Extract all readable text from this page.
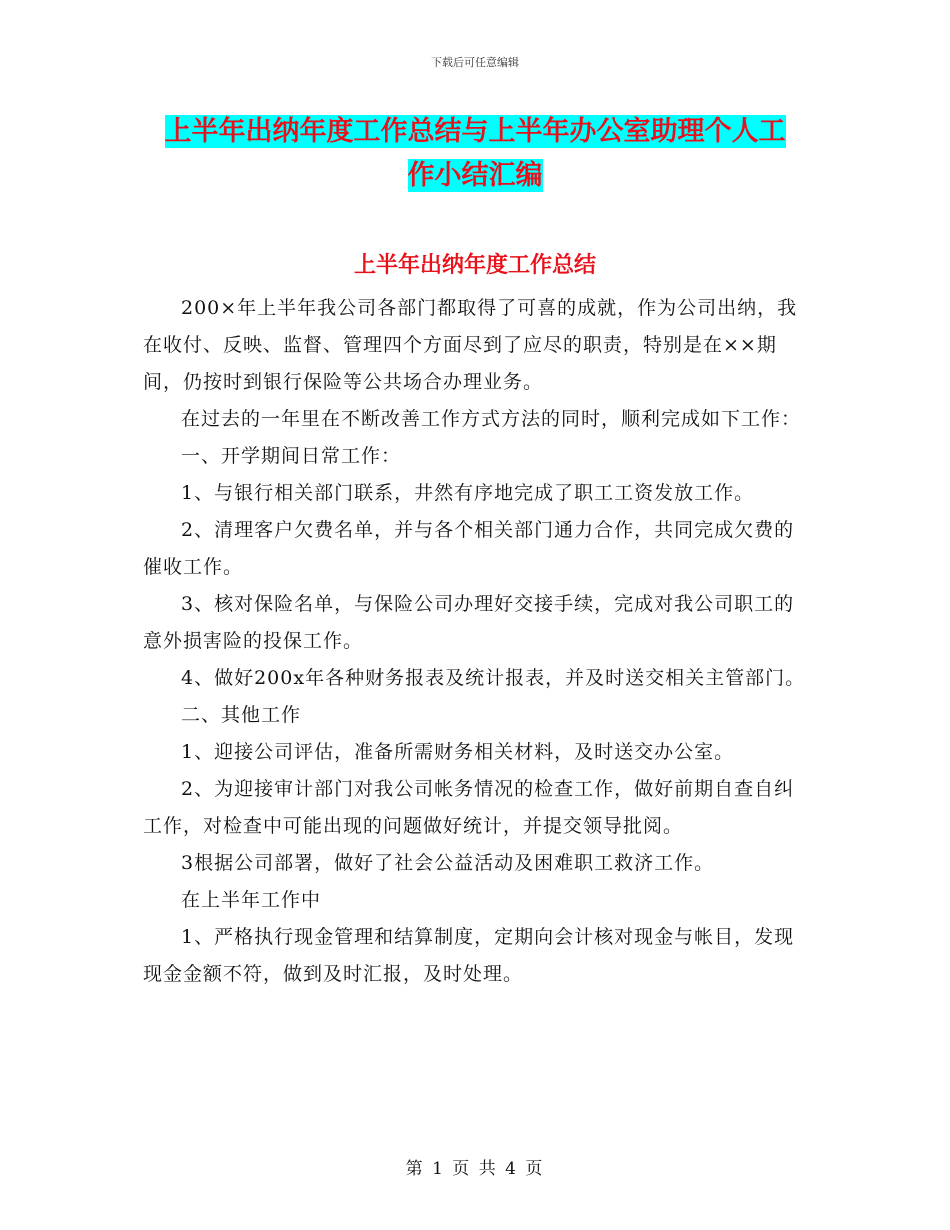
下载后可任意编辑
上半年出纳年度工作总结与上半年办公室助理个人工
作小结汇编
上半年出纳年度工作总结

200×年上半年我公司各部门都取得了可喜的成就，作为公司出纳，我在收付、反映、监督、管理四个方面尽到了应尽的职责，特别是在××期间，仍按时到银行保险等公共场合办理业务。

在过去的一年里在不断改善工作方式方法的同时，顺利完成如下工作：

一、开学期间日常工作：

1、与银行相关部门联系，井然有序地完成了职工工资发放工作。

2、清理客户欠费名单，并与各个相关部门通力合作，共同完成欠费的催收工作。

3、核对保险名单，与保险公司办理好交接手续，完成对我公司职工的意外损害险的投保工作。

4、做好200x年各种财务报表及统计报表，并及时送交相关主管部门。

二、其他工作

1、迎接公司评估，准备所需财务相关材料，及时送交办公室。

2、为迎接审计部门对我公司帐务情况的检查工作，做好前期自查自纠工作，对检查中可能出现的问题做好统计，并提交领导批阅。

3根据公司部署，做好了社会公益活动及困难职工救济工作。

在上半年工作中

1、严格执行现金管理和结算制度，定期向会计核对现金与帐目，发现现金金额不符，做到及时汇报，及时处理。

第 1 页 共 4 页
